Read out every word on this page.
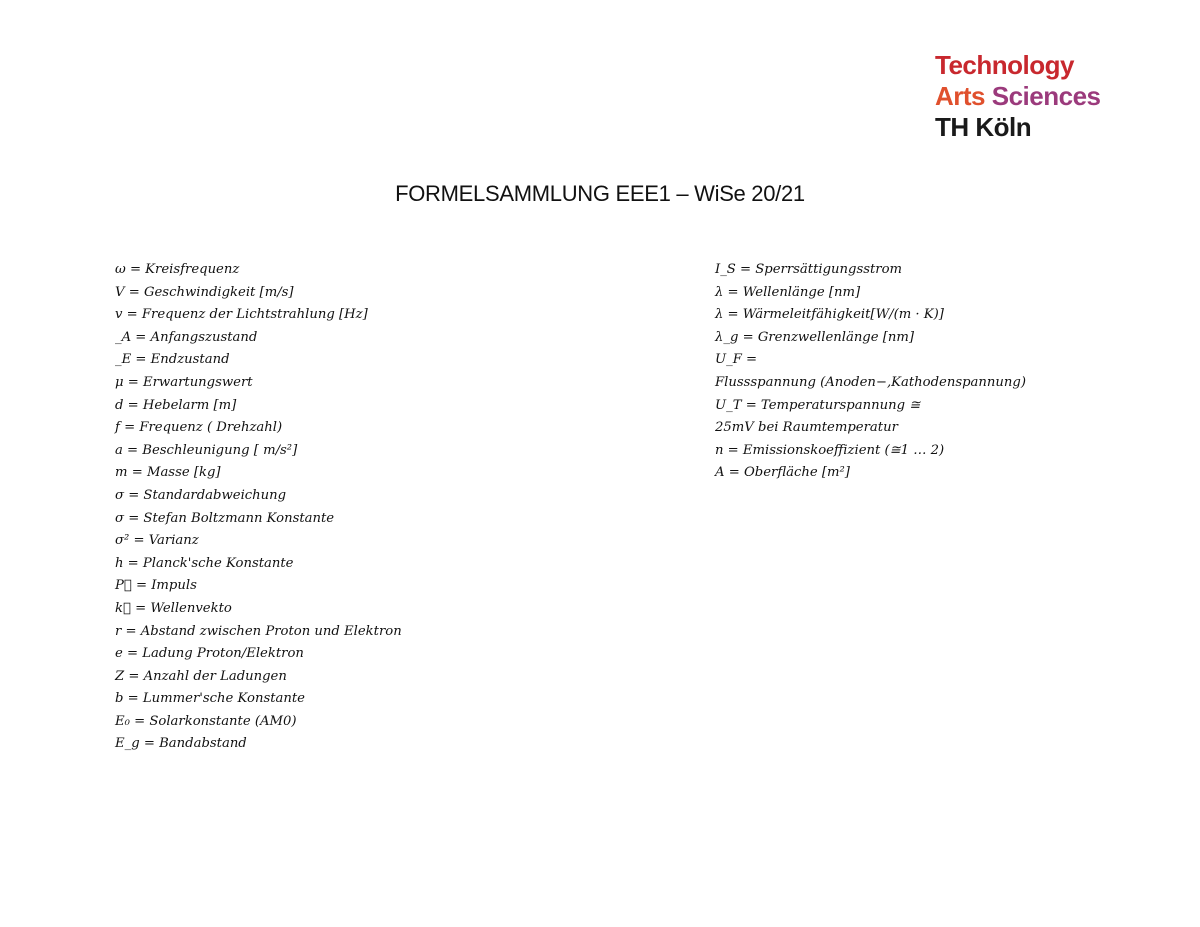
Technology
Arts Sciences
TH Köln
FORMELSAMMLUNG EEE1 – WiSe 20/21
ω = Kreisfrequenz
V = Geschwindigkeit [m/s]
v = Frequenz der Lichtstrahlung [Hz]
_A = Anfangszustand
_E = Endzustand
μ = Erwartungswert
d = Hebelarm [m]
f = Frequenz ( Drehzahl)
a = Beschleunigung [ m/s²]
m = Masse [kg]
σ = Standardabweichung
σ = Stefan Boltzmann Konstante
σ² = Varianz
h = Planck'sche Konstante
P⃗ = Impuls
k⃗ = Wellenvekto
r = Abstand zwischen Proton und Elektron
e = Ladung Proton/Elektron
Z = Anzahl der Ladungen
b = Lummer'sche Konstante
E₀ = Solarkonstante (AM0)
E_g = Bandabstand
I_S = Sperrsättigungsstrom
λ = Wellenlänge [nm]
λ = Wärmeleitfähigkeit[W/(m · K)]
λ_g = Grenzwellenlänge [nm]
U_F =
Flussspannung (Anoden−,Kathodenspannung)
U_T = Temperaturspannung ≅
25mV bei Raumtemperatur
n = Emissionskoeffizient (≅1 … 2)
A = Oberfläche [m²]
